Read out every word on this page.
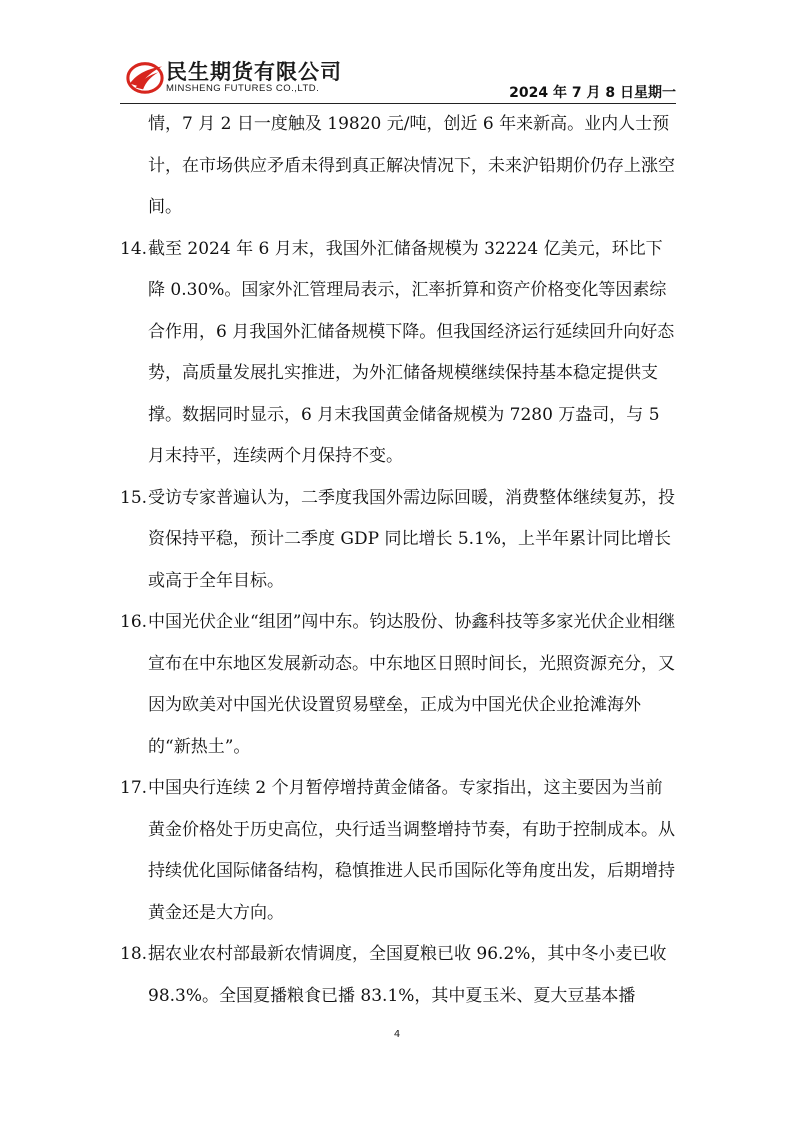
民生期货有限公司
MINSHENG FUTURES CO.,LTD.	2024 年 7 月 8 日星期一

情，7 月 2 日一度触及 19820 元/吨，创近 6 年来新高。业内人士预计，在市场供应矛盾未得到真正解决情况下，未来沪铅期价仍存上涨空间。

14. 截至 2024 年 6 月末，我国外汇储备规模为 32224 亿美元，环比下降 0.30%。国家外汇管理局表示，汇率折算和资产价格变化等因素综合作用，6 月我国外汇储备规模下降。但我国经济运行延续回升向好态势，高质量发展扎实推进，为外汇储备规模继续保持基本稳定提供支撑。数据同时显示，6 月末我国黄金储备规模为 7280 万盎司，与 5 月末持平，连续两个月保持不变。
15. 受访专家普遍认为，二季度我国外需边际回暖，消费整体继续复苏，投资保持平稳，预计二季度 GDP 同比增长 5.1%，上半年累计同比增长或高于全年目标。
16. 中国光伏企业“组团”闯中东。钧达股份、协鑫科技等多家光伏企业相继宣布在中东地区发展新动态。中东地区日照时间长，光照资源充分，又因为欧美对中国光伏设置贸易壁垒，正成为中国光伏企业抢滩海外的“新热土”。
17. 中国央行连续 2 个月暂停增持黄金储备。专家指出，这主要因为当前黄金价格处于历史高位，央行适当调整增持节奏，有助于控制成本。从持续优化国际储备结构，稳慎推进人民币国际化等角度出发，后期增持黄金还是大方向。
18. 据农业农村部最新农情调度，全国夏粮已收 96.2%，其中冬小麦已收 98.3%。全国夏播粮食已播 83.1%，其中夏玉米、夏大豆基本播
4
